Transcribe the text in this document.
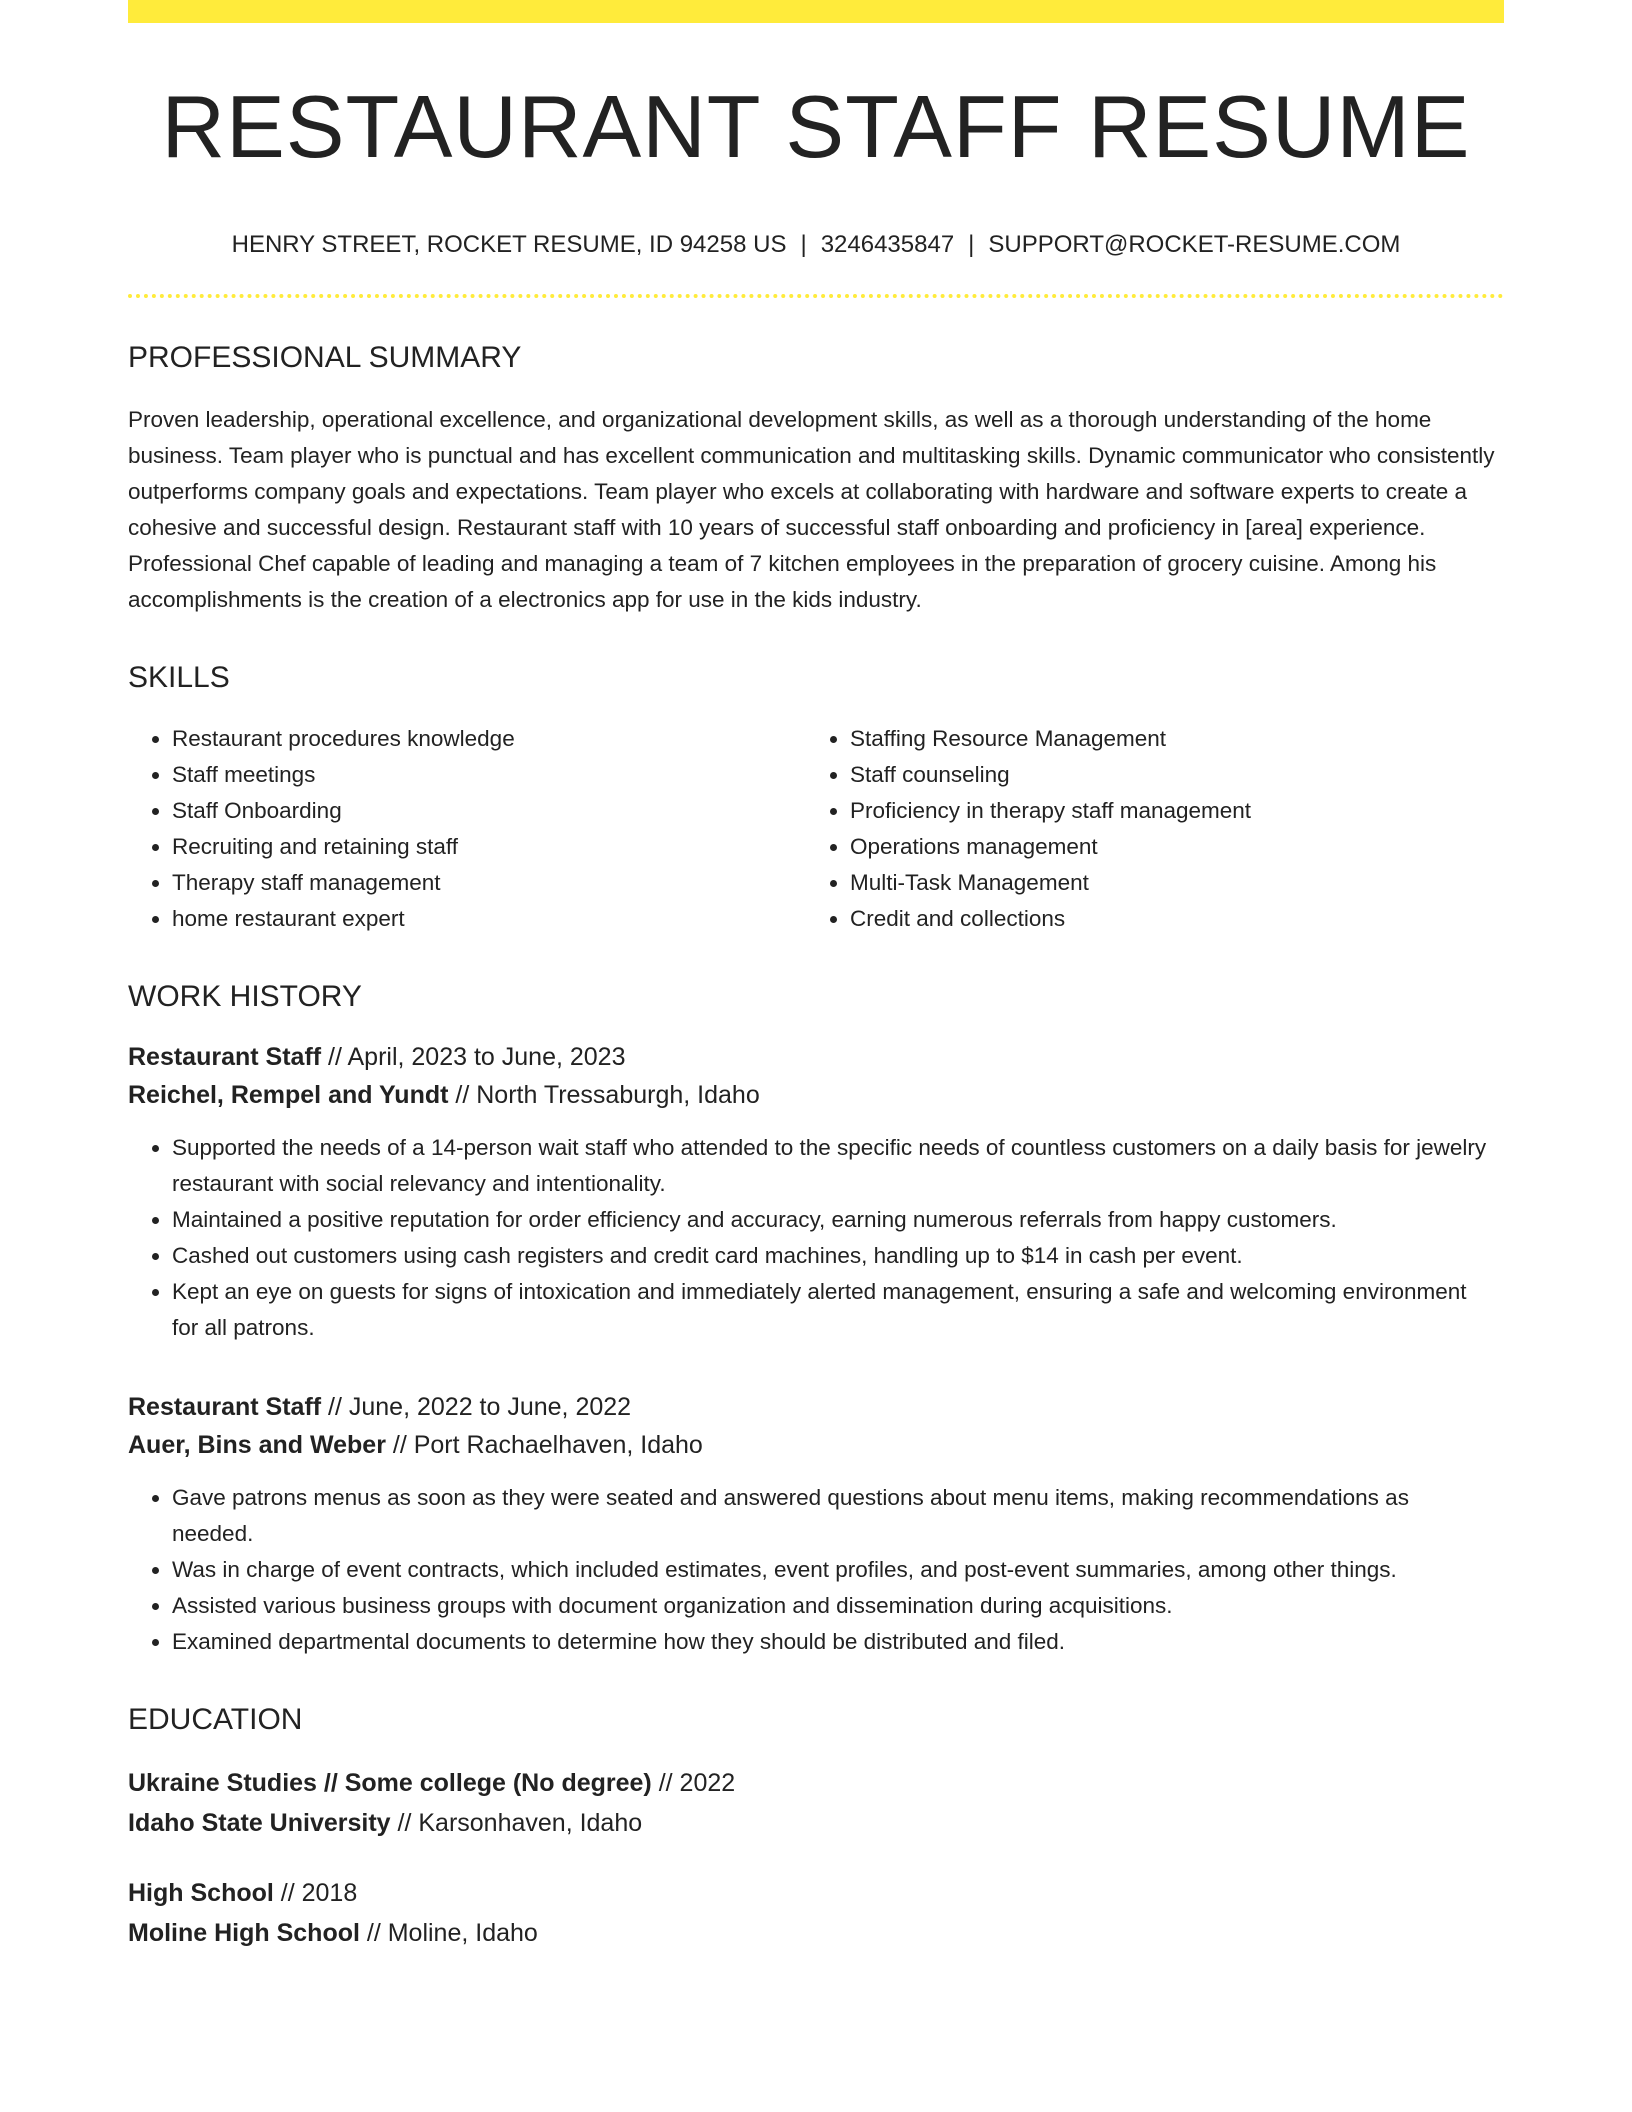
RESTAURANT STAFF RESUME
HENRY STREET, ROCKET RESUME, ID 94258 US | 3246435847 | SUPPORT@ROCKET-RESUME.COM
PROFESSIONAL SUMMARY

Proven leadership, operational excellence, and organizational development skills, as well as a thorough understanding of the home business. Team player who is punctual and has excellent communication and multitasking skills. Dynamic communicator who consistently outperforms company goals and expectations. Team player who excels at collaborating with hardware and software experts to create a cohesive and successful design. Restaurant staff with 10 years of successful staff onboarding and proficiency in [area] experience. Professional Chef capable of leading and managing a team of 7 kitchen employees in the preparation of grocery cuisine. Among his accomplishments is the creation of a electronics app for use in the kids industry.

SKILLS
• Restaurant procedures knowledge
• Staff meetings
• Staff Onboarding
• Recruiting and retaining staff
• Therapy staff management
• home restaurant expert
• Staffing Resource Management
• Staff counseling
• Proficiency in therapy staff management
• Operations management
• Multi-Task Management
• Credit and collections
WORK HISTORY
Restaurant Staff // April, 2023 to June, 2023
Reichel, Rempel and Yundt // North Tressaburgh, Idaho
• Supported the needs of a 14-person wait staff who attended to the specific needs of countless customers on a daily basis for jewelry restaurant with social relevancy and intentionality.
• Maintained a positive reputation for order efficiency and accuracy, earning numerous referrals from happy customers.
• Cashed out customers using cash registers and credit card machines, handling up to $14 in cash per event.
• Kept an eye on guests for signs of intoxication and immediately alerted management, ensuring a safe and welcoming environment for all patrons.
Restaurant Staff // June, 2022 to June, 2022
Auer, Bins and Weber // Port Rachaelhaven, Idaho
• Gave patrons menus as soon as they were seated and answered questions about menu items, making recommendations as needed.
• Was in charge of event contracts, which included estimates, event profiles, and post-event summaries, among other things.
• Assisted various business groups with document organization and dissemination during acquisitions.
• Examined departmental documents to determine how they should be distributed and filed.
EDUCATION
Ukraine Studies // Some college (No degree) // 2022
Idaho State University // Karsonhaven, Idaho
High School // 2018
Moline High School // Moline, Idaho
